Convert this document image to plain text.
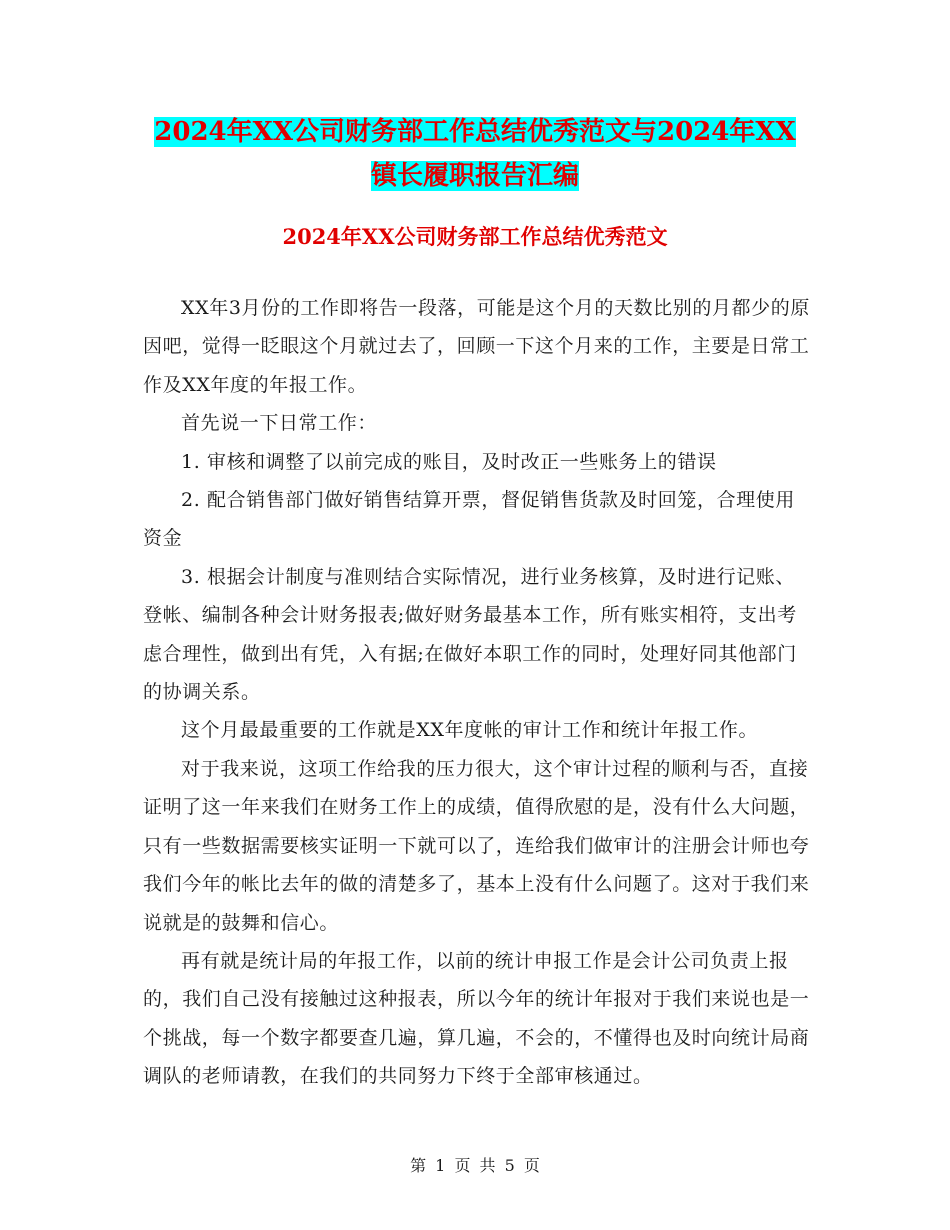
2024年XX公司财务部工作总结优秀范文与2024年XX
镇长履职报告汇编
2024年XX公司财务部工作总结优秀范文

XX年3月份的工作即将告一段落，可能是这个月的天数比别的月都少的原因吧，觉得一眨眼这个月就过去了，回顾一下这个月来的工作，主要是日常工作及XX年度的年报工作。

首先说一下日常工作：

1. 审核和调整了以前完成的账目，及时改正一些账务上的错误

2. 配合销售部门做好销售结算开票，督促销售货款及时回笼，合理使用资金

3. 根据会计制度与准则结合实际情况，进行业务核算，及时进行记账、登帐、编制各种会计财务报表;做好财务最基本工作，所有账实相符，支出考虑合理性，做到出有凭，入有据;在做好本职工作的同时，处理好同其他部门的协调关系。

这个月最最重要的工作就是XX年度帐的审计工作和统计年报工作。

对于我来说，这项工作给我的压力很大，这个审计过程的顺利与否，直接证明了这一年来我们在财务工作上的成绩，值得欣慰的是，没有什么大问题，只有一些数据需要核实证明一下就可以了，连给我们做审计的注册会计师也夸我们今年的帐比去年的做的清楚多了，基本上没有什么问题了。这对于我们来说就是的鼓舞和信心。

再有就是统计局的年报工作，以前的统计申报工作是会计公司负责上报的，我们自己没有接触过这种报表，所以今年的统计年报对于我们来说也是一个挑战，每一个数字都要查几遍，算几遍，不会的，不懂得也及时向统计局商调队的老师请教，在我们的共同努力下终于全部审核通过。

第 1 页 共 5 页
